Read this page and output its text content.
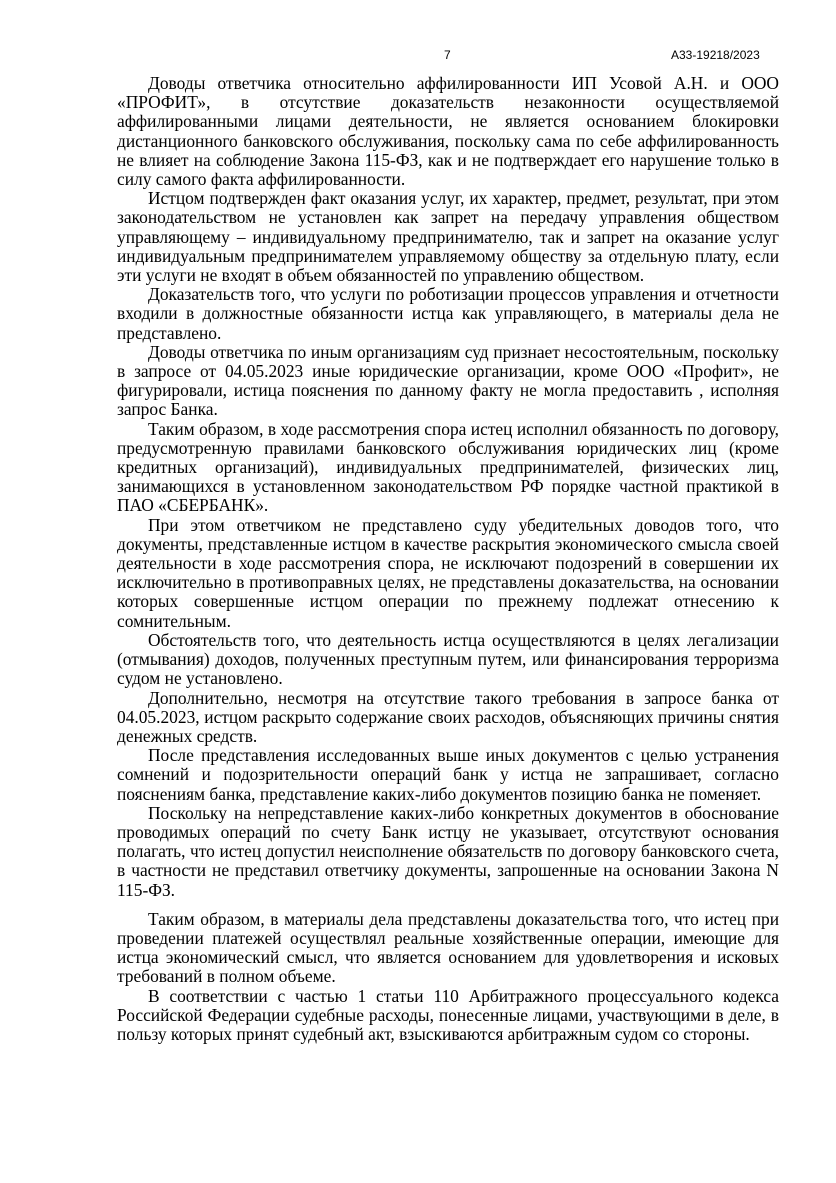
7	А33-19218/2023

Доводы ответчика относительно аффилированности ИП Усовой А.Н. и ООО «ПРОФИТ», в отсутствие доказательств незаконности осуществляемой аффилированными лицами деятельности, не является основанием блокировки дистанционного банковского обслуживания, поскольку сама по себе аффилированность не влияет на соблюдение Закона 115-ФЗ, как и не подтверждает его нарушение только в силу самого факта аффилированности.

Истцом подтвержден факт оказания услуг, их характер, предмет, результат, при этом законодательством не установлен как запрет на передачу управления обществом управляющему – индивидуальному предпринимателю, так и запрет на оказание услуг индивидуальным предпринимателем управляемому обществу за отдельную плату, если эти услуги не входят в объем обязанностей по управлению обществом.

Доказательств того, что услуги по роботизации процессов управления и отчетности входили в должностные обязанности истца как управляющего, в материалы дела не представлено.

Доводы ответчика по иным организациям суд признает несостоятельным, поскольку в запросе от 04.05.2023 иные юридические организации, кроме ООО «Профит», не фигурировали, истица пояснения по данному факту не могла предоставить , исполняя запрос Банка.

Таким образом, в ходе рассмотрения спора истец исполнил обязанность по договору, предусмотренную правилами банковского обслуживания юридических лиц (кроме кредитных организаций), индивидуальных предпринимателей, физических лиц, занимающихся в установленном законодательством РФ порядке частной практикой в ПАО «СБЕРБАНК».

При этом ответчиком не представлено суду убедительных доводов того, что документы, представленные истцом в качестве раскрытия экономического смысла своей деятельности в ходе рассмотрения спора, не исключают подозрений в совершении их исключительно в противоправных целях, не представлены доказательства, на основании которых совершенные истцом операции по прежнему подлежат отнесению к сомнительным.

Обстоятельств того, что деятельность истца осуществляются в целях легализации (отмывания) доходов, полученных преступным путем, или финансирования терроризма судом не установлено.

Дополнительно, несмотря на отсутствие такого требования в запросе банка от 04.05.2023, истцом раскрыто содержание своих расходов, объясняющих причины снятия денежных средств.

После представления исследованных выше иных документов с целью устранения сомнений и подозрительности операций банк у истца не запрашивает, согласно пояснениям банка, представление каких-либо документов позицию банка не поменяет.

Поскольку на непредставление каких-либо конкретных документов в обоснование проводимых операций по счету Банк истцу не указывает, отсутствуют основания полагать, что истец допустил неисполнение обязательств по договору банковского счета, в частности не представил ответчику документы, запрошенные на основании Закона N 115-ФЗ.

Таким образом, в материалы дела представлены доказательства того, что истец при проведении платежей осуществлял реальные хозяйственные операции, имеющие для истца экономический смысл, что является основанием для удовлетворения и исковых требований в полном объеме.

В соответствии с частью 1 статьи 110 Арбитражного процессуального кодекса Российской Федерации судебные расходы, понесенные лицами, участвующими в деле, в пользу которых принят судебный акт, взыскиваются арбитражным судом со стороны.
